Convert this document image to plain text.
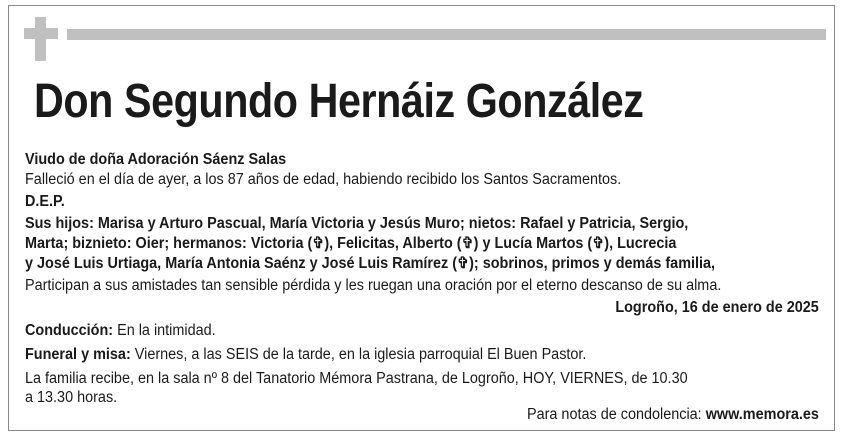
Don Segundo Hernáiz González
Viudo de doña Adoración Sáenz Salas
Falleció en el día de ayer, a los 87 años de edad, habiendo recibido los Santos Sacramentos.
D.E.P.
Sus hijos: Marisa y Arturo Pascual, María Victoria y Jesús Muro; nietos: Rafael y Patricia, Sergio,
Marta; biznieto: Oier; hermanos: Victoria (✞), Felicitas, Alberto (✞) y Lucía Martos (✞), Lucrecia
y José Luis Urtiaga, María Antonia Saénz y José Luis Ramírez (✞); sobrinos, primos y demás familia,
Participan a sus amistades tan sensible pérdida y les ruegan una oración por el eterno descanso de su alma.
Logroño, 16 de enero de 2025
Conducción: En la intimidad.
Funeral y misa: Viernes, a las SEIS de la tarde, en la iglesia parroquial El Buen Pastor.
La familia recibe, en la sala nº 8 del Tanatorio Mémora Pastrana, de Logroño, HOY, VIERNES, de 10.30
a 13.30 horas.
Para notas de condolencia: www.memora.es
